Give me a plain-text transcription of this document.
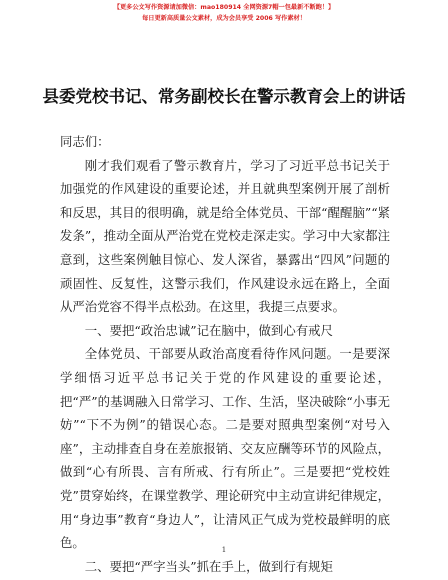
【更多公文写作资源请加微信：mao180914 全网资源7帽一包最新不断跑！】
每日更新高质量公文素材，成为会员享受 2006 写作素材！
县委党校书记、常务副校长在警示教育会上的讲话

同志们：

刚才我们观看了警示教育片，学习了习近平总书记关于加强党的作风建设的重要论述，并且就典型案例开展了剖析和反思，其目的很明确，就是给全体党员、干部“醒醒脑”“紧发条”，推动全面从严治党在党校走深走实。学习中大家都注意到，这些案例触目惊心、发人深省，暴露出“四风”问题的顽固性、反复性，这警示我们，作风建设永远在路上，全面从严治党容不得半点松劲。在这里，我提三点要求。

一、要把“政治忠诚”记在脑中，做到心有戒尺

全体党员、干部要从政治高度看待作风问题。一是要深学细悟习近平总书记关于党的作风建设的重要论述，把“严”的基调融入日常学习、工作、生活，坚决破除“小事无妨”“下不为例”的错误心态。二是要对照典型案例“对号入座”，主动排查自身在差旅报销、交友应酬等环节的风险点，做到“心有所畏、言有所戒、行有所止”。三是要把“党校姓党”贯穿始终，在课堂教学、理论研究中主动宣讲纪律规定，用“身边事”教育“身边人”，让清风正气成为党校最鲜明的底色。

二、要把“严字当头”抓在手上，做到行有规矩

1
